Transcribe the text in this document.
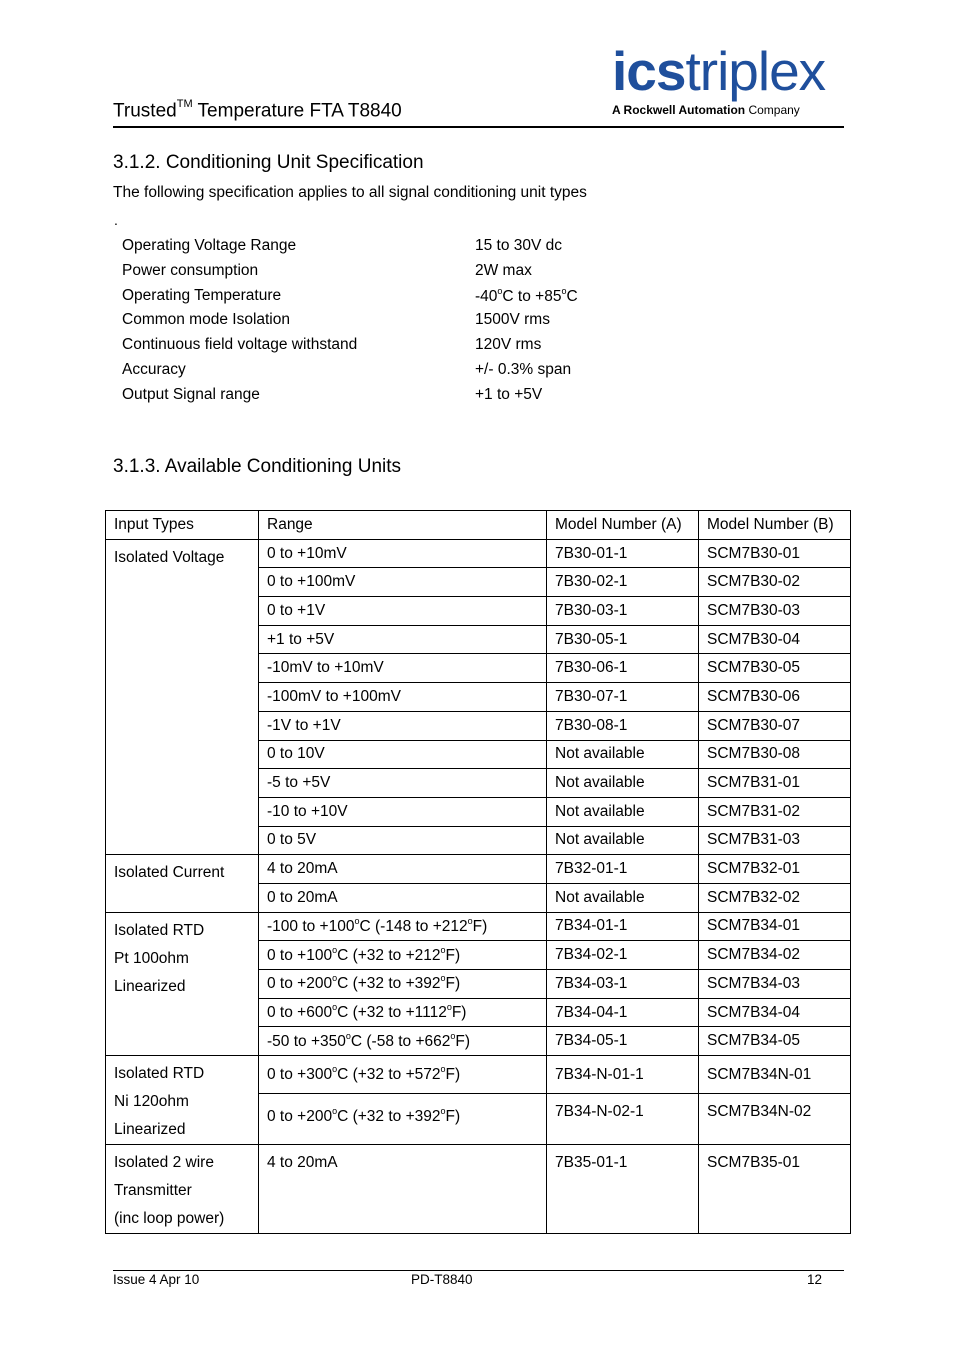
Trusted™ Temperature FTA T8840
icstriplex
A Rockwell Automation Company
3.1.2. Conditioning Unit Specification
The following specification applies to all signal conditioning unit types
.
Operating Voltage Range	15 to 30V dc
Power consumption	2W max
Operating Temperature	-40$^o$C to $+85^oC$
Common mode Isolation	1500V rms
Continuous field voltage withstand	120V rms
Accuracy	+/- 0.3% span
Output Signal range	+1 to +5V
3.1.3. Available Conditioning Units
Input Types	Range	Model Number (A)	Model Number (B)

Isolated Voltage	0 to +10mV	7B30-01-1	SCM7B30-01
	0 to +100mV	7B30-02-1	SCM7B30-02
	0 to +1V	7B30-03-1	SCM7B30-03
	+1 to +5V	7B30-05-1	SCM7B30-04
	-10mV to +10mV	7B30-06-1	SCM7B30-05
	-100mV to +100mV	7B30-07-1	SCM7B30-06
	-1V to +1V	7B30-08-1	SCM7B30-07
	0 to 10V	Not available	SCM7B30-08
	-5 to +5V	Not available	SCM7B31-01
	-10 to +10V	Not available	SCM7B31-02
	0 to 5V	Not available	SCM7B31-03

Isolated Current	4 to 20mA	7B32-01-1	SCM7B32-01
	0 to 20mA	Not available	SCM7B32-02

Isolated RTD
Pt 100ohm
Linearized	-100 to $+100^oC$ (-148 to $+212^oF$)	7B34-01-1	SCM7B34-01
	0 to $+100^oC$ (+32 to $+212^oF$)	7B34-02-1	SCM7B34-02
	0 to $+200^oC$ (+32 to $+392^oF$)	7B34-03-1	SCM7B34-03
	0 to $+600^oC$ (+32 to $+1112^oF$)	7B34-04-1	SCM7B34-04
	-50 to $+350^oC$ (-58 to $+662^oF$)	7B34-05-1	SCM7B34-05

Isolated RTD
Ni 120ohm
Linearized	0 to $+300^oC$ (+32 to $+572^oF$)	7B34-N-01-1	SCM7B34N-01
	0 to $+200^oC$ (+32 to $+392^oF$)	7B34-N-02-1	SCM7B34N-02

Isolated 2 wire
Transmitter
(inc loop power)	4 to 20mA	7B35-01-1	SCM7B35-01
Issue 4 Apr 10	PD-T8840	12
